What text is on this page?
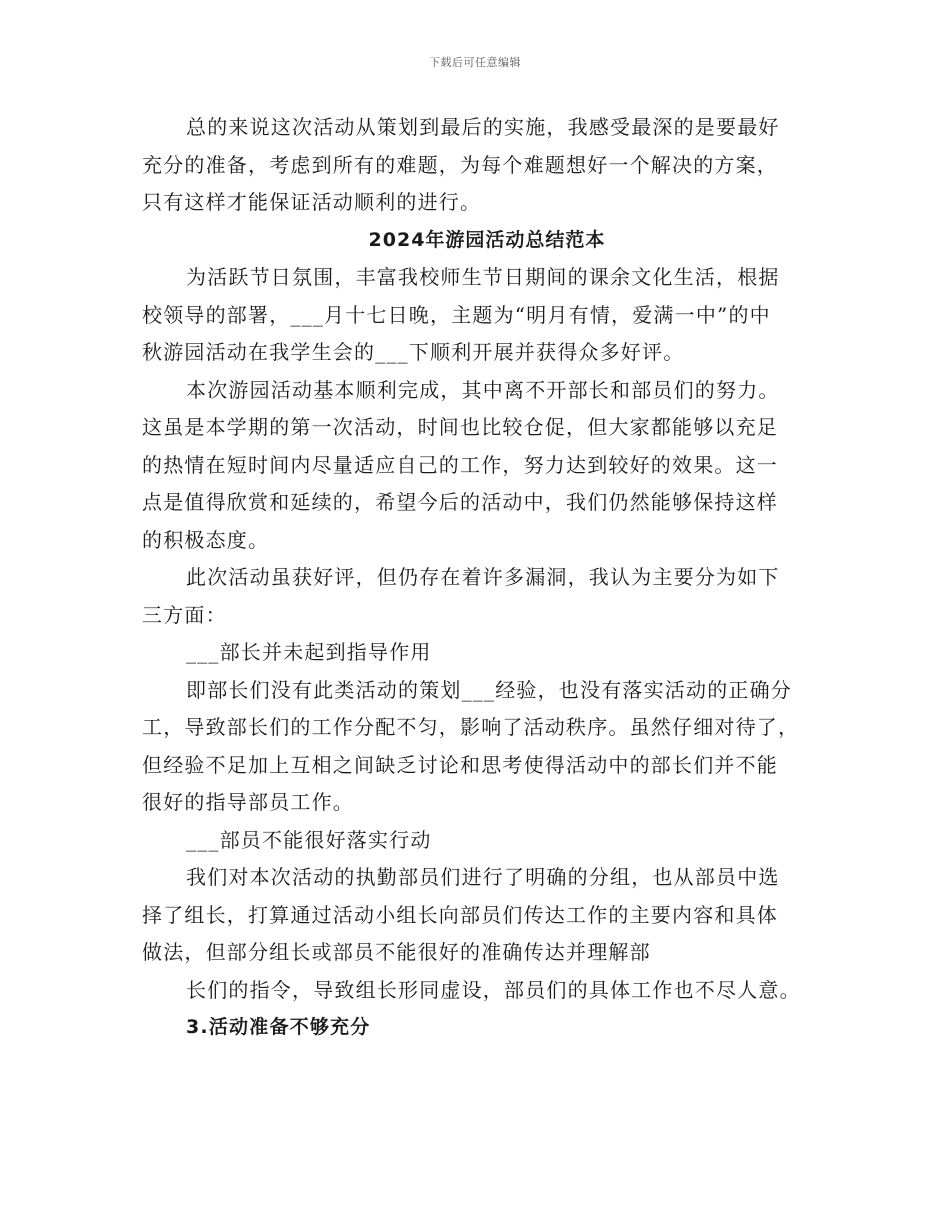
下载后可任意编辑
总的来说这次活动从策划到最后的实施，我感受最深的是要最好
充分的准备，考虑到所有的难题，为每个难题想好一个解决的方案，
只有这样才能保证活动顺利的进行。
2024年游园活动总结范本
为活跃节日氛围，丰富我校师生节日期间的课余文化生活，根据
校领导的部署，___月十七日晚，主题为“明月有情，爱满一中”的中
秋游园活动在我学生会的___下顺利开展并获得众多好评。
本次游园活动基本顺利完成，其中离不开部长和部员们的努力。
这虽是本学期的第一次活动，时间也比较仓促，但大家都能够以充足
的热情在短时间内尽量适应自己的工作，努力达到较好的效果。这一
点是值得欣赏和延续的，希望今后的活动中，我们仍然能够保持这样
的积极态度。
此次活动虽获好评，但仍存在着许多漏洞，我认为主要分为如下
三方面：
___部长并未起到指导作用
即部长们没有此类活动的策划___经验，也没有落实活动的正确分
工，导致部长们的工作分配不匀，影响了活动秩序。虽然仔细对待了，
但经验不足加上互相之间缺乏讨论和思考使得活动中的部长们并不能
很好的指导部员工作。
___部员不能很好落实行动
我们对本次活动的执勤部员们进行了明确的分组，也从部员中选
择了组长，打算通过活动小组长向部员们传达工作的主要内容和具体
做法，但部分组长或部员不能很好的准确传达并理解部
长们的指令，导致组长形同虚设，部员们的具体工作也不尽人意。
3.活动准备不够充分
